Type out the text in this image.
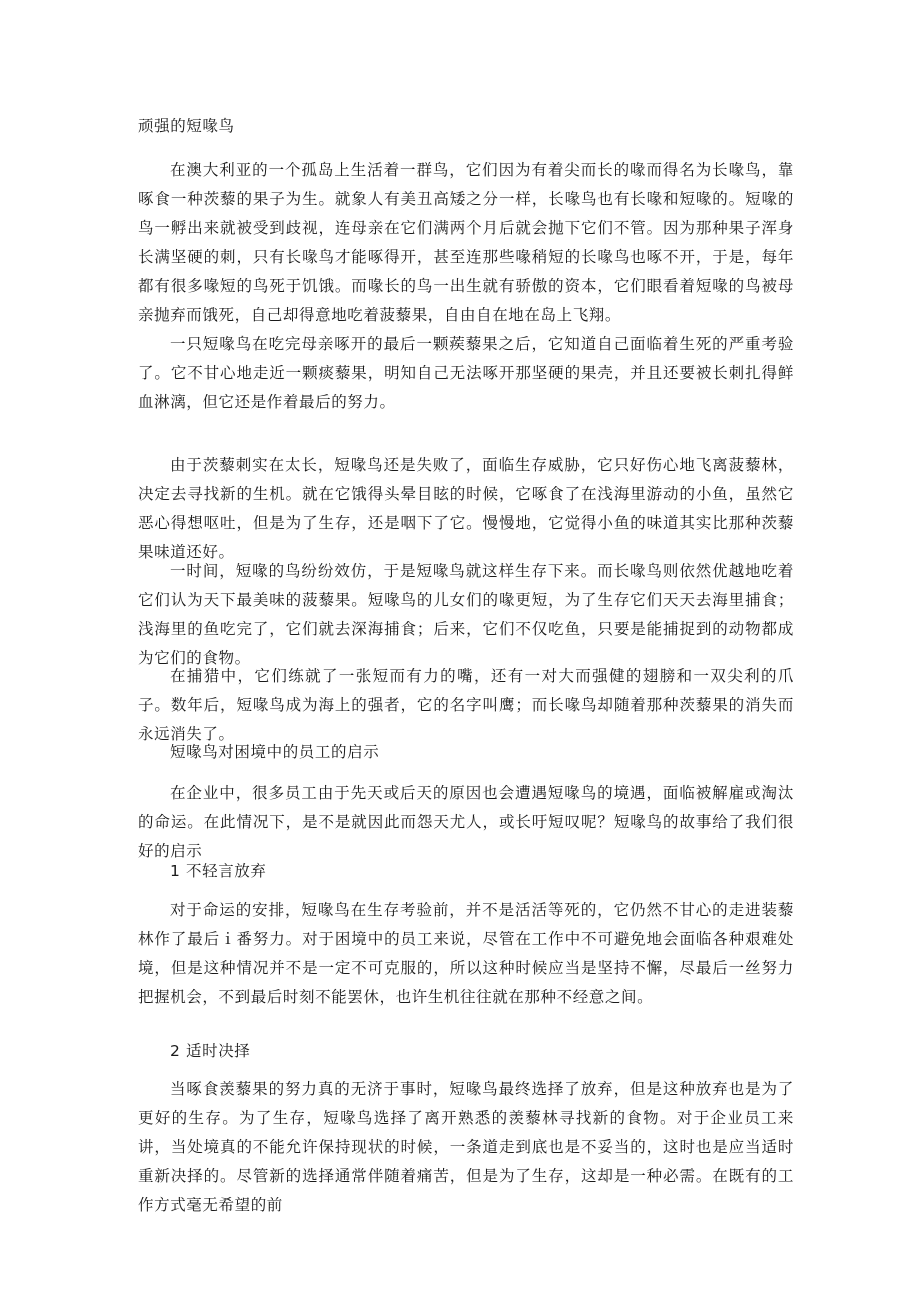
顽强的短喙鸟

在澳大利亚的一个孤岛上生活着一群鸟，它们因为有着尖而长的喙而得名为长喙鸟，靠啄食一种茨藜的果子为生。就象人有美丑高矮之分一样，长喙鸟也有长喙和短喙的。短喙的鸟一孵出来就被受到歧视，连母亲在它们满两个月后就会抛下它们不管。因为那种果子浑身长满坚硬的刺，只有长喙鸟才能啄得开，甚至连那些喙稍短的长喙鸟也啄不开，于是，每年都有很多喙短的鸟死于饥饿。而喙长的鸟一出生就有骄傲的资本，它们眼看着短喙的鸟被母亲抛弃而饿死，自己却得意地吃着菠藜果，自由自在地在岛上飞翔。

一只短喙鸟在吃完母亲啄开的最后一颗蒺藜果之后，它知道自己面临着生死的严重考验了。它不甘心地走近一颗痰藜果，明知自己无法啄开那坚硬的果壳，并且还要被长刺扎得鲜血淋漓，但它还是作着最后的努力。

由于茨藜刺实在太长，短喙鸟还是失败了，面临生存威胁，它只好伤心地飞离菠藜林，决定去寻找新的生机。就在它饿得头晕目眩的时候，它啄食了在浅海里游动的小鱼，虽然它恶心得想呕吐，但是为了生存，还是咽下了它。慢慢地，它觉得小鱼的味道其实比那种茨藜果味道还好。

一时间，短喙的鸟纷纷效仿，于是短喙鸟就这样生存下来。而长喙鸟则依然优越地吃着它们认为天下最美味的菠藜果。短喙鸟的儿女们的喙更短，为了生存它们天天去海里捕食；浅海里的鱼吃完了，它们就去深海捕食；后来，它们不仅吃鱼，只要是能捕捉到的动物都成为它们的食物。

在捕猎中，它们练就了一张短而有力的嘴，还有一对大而强健的翅膀和一双尖利的爪子。数年后，短喙鸟成为海上的强者，它的名字叫鹰；而长喙鸟却随着那种茨藜果的消失而永远消失了。

短喙鸟对困境中的员工的启示

在企业中，很多员工由于先天或后天的原因也会遭遇短喙鸟的境遇，面临被解雇或淘汰的命运。在此情况下，是不是就因此而怨天尤人，或长吁短叹呢？短喙鸟的故事给了我们很好的启示

1 不轻言放弃

对于命运的安排，短喙鸟在生存考验前，并不是活活等死的，它仍然不甘心的走进装藜林作了最后ｉ番努力。对于困境中的员工来说，尽管在工作中不可避免地会面临各种艰难处境，但是这种情况并不是一定不可克服的，所以这种时候应当是坚持不懈，尽最后一丝努力把握机会，不到最后时刻不能罢休，也许生机往往就在那种不经意之间。

2 适时决择

当啄食羡藜果的努力真的无济于事时，短喙鸟最终选择了放弃，但是这种放弃也是为了更好的生存。为了生存，短喙鸟选择了离开熟悉的羡藜林寻找新的食物。对于企业员工来讲，当处境真的不能允许保持现状的时候，一条道走到底也是不妥当的，这时也是应当适时重新决择的。尽管新的选择通常伴随着痛苦，但是为了生存，这却是一种必需。在既有的工作方式毫无希望的前
